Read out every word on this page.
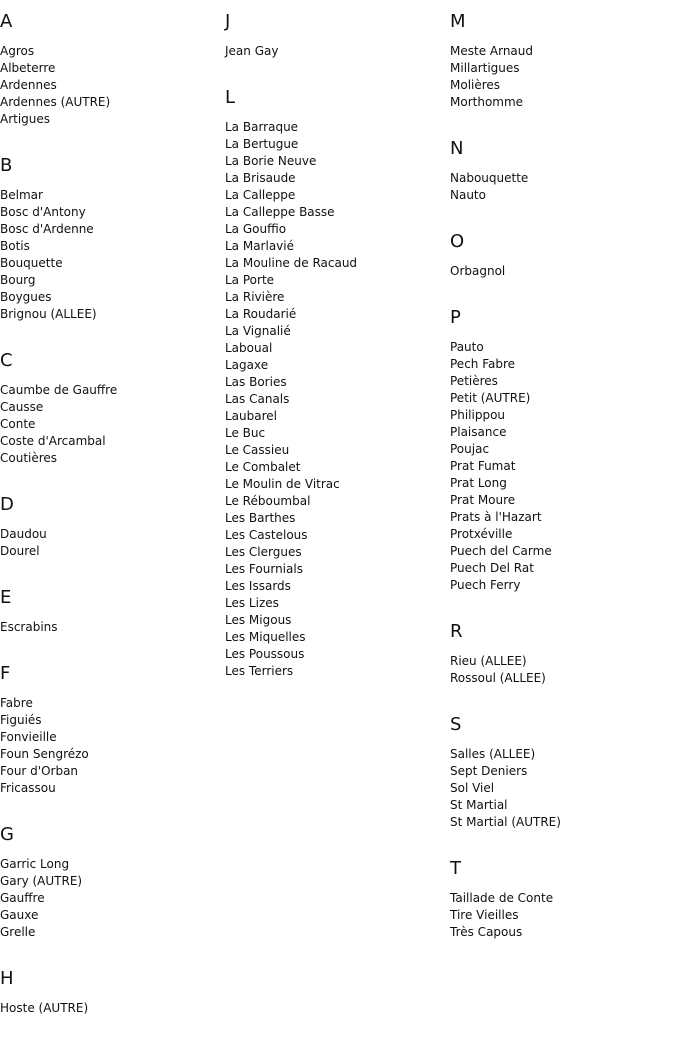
A
Agros
Albeterre
Ardennes
Ardennes (AUTRE)
Artigues
B
Belmar
Bosc d'Antony
Bosc d'Ardenne
Botis
Bouquette
Bourg
Boygues
Brignou (ALLEE)
C
Caumbe de Gauffre
Causse
Conte
Coste d'Arcambal
Coutières
D
Daudou
Dourel
E
Escrabins
F
Fabre
Figuiés
Fonvieille
Foun Sengrézo
Four d'Orban
Fricassou
G
Garric Long
Gary (AUTRE)
Gauffre
Gauxe
Grelle
H
Hoste (AUTRE)
J
Jean Gay
L
La Barraque
La Bertugue
La Borie Neuve
La Brisaude
La Calleppe
La Calleppe Basse
La Gouffio
La Marlavié
La Mouline de Racaud
La Porte
La Rivière
La Roudarié
La Vignalié
Laboual
Lagaxe
Las Bories
Las Canals
Laubarel
Le Buc
Le Cassieu
Le Combalet
Le Moulin de Vitrac
Le Réboumbal
Les Barthes
Les Castelous
Les Clergues
Les Fournials
Les Issards
Les Lizes
Les Migous
Les Miquelles
Les Poussous
Les Terriers
M
Meste Arnaud
Millartigues
Molières
Morthomme
N
Nabouquette
Nauto
O
Orbagnol
P
Pauto
Pech Fabre
Petières
Petit (AUTRE)
Philippou
Plaisance
Poujac
Prat Fumat
Prat Long
Prat Moure
Prats à l'Hazart
Protxéville
Puech del Carme
Puech Del Rat
Puech Ferry
R
Rieu (ALLEE)
Rossoul (ALLEE)
S
Salles (ALLEE)
Sept Deniers
Sol Viel
St Martial
St Martial (AUTRE)
T
Taillade de Conte
Tire Vieilles
Très Capous
